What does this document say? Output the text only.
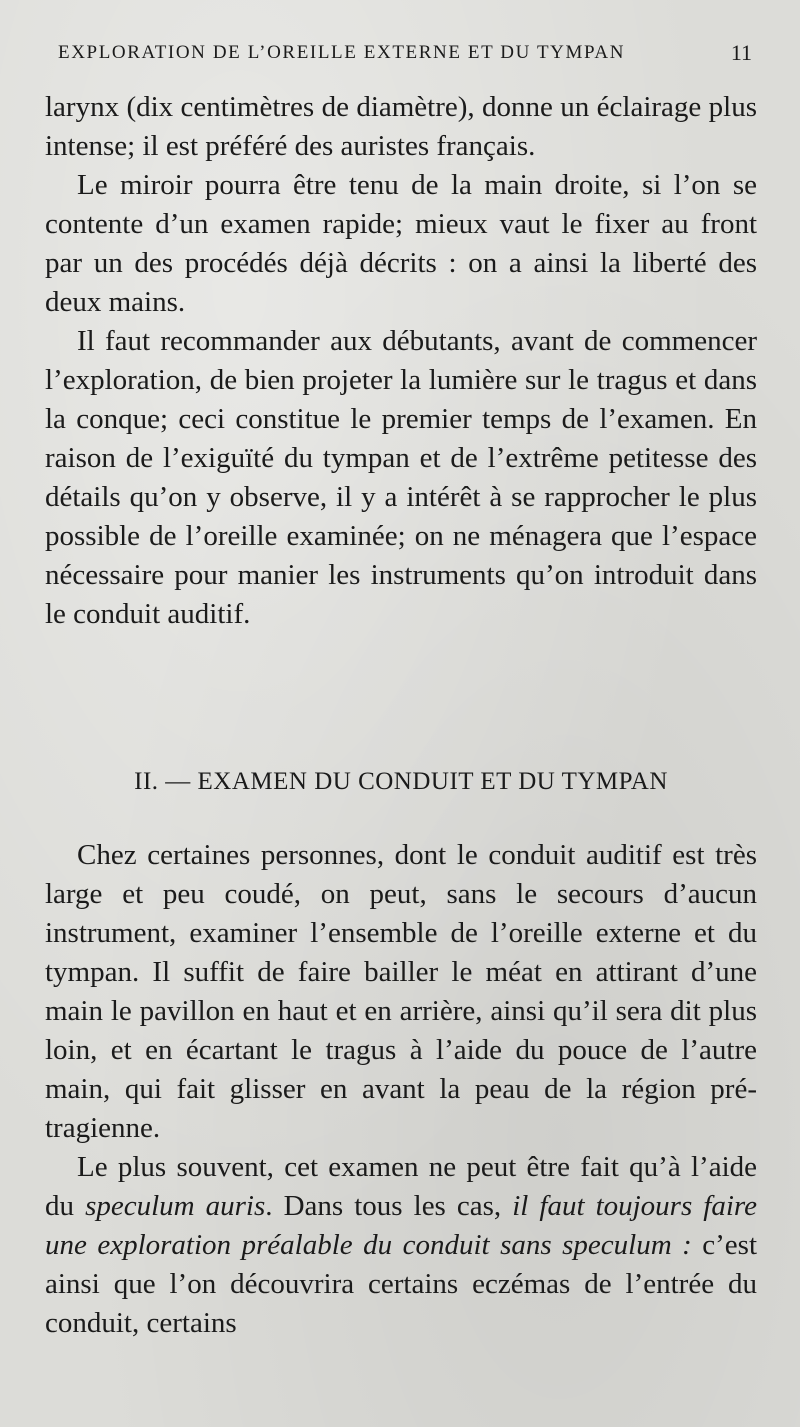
EXPLORATION DE L’OREILLE EXTERNE ET DU TYMPAN	11

larynx (dix centimètres de diamètre), donne un éclairage plus intense; il est préféré des auristes français.

Le miroir pourra être tenu de la main droite, si l’on se contente d’un examen rapide; mieux vaut le fixer au front par un des procédés déjà décrits : on a ainsi la liberté des deux mains.

Il faut recommander aux débutants, avant de commencer l’exploration, de bien projeter la lumière sur le tragus et dans la conque; ceci constitue le premier temps de l’examen. En raison de l’exiguïté du tympan et de l’extrême petitesse des détails qu’on y observe, il y a intérêt à se rapprocher le plus possible de l’oreille examinée; on ne ménagera que l’espace nécessaire pour manier les instruments qu’on introduit dans le conduit auditif.

II. — EXAMEN DU CONDUIT ET DU TYMPAN

Chez certaines personnes, dont le conduit auditif est très large et peu coudé, on peut, sans le secours d’aucun instrument, examiner l’ensemble de l’oreille externe et du tympan. Il suffit de faire bailler le méat en attirant d’une main le pavillon en haut et en arrière, ainsi qu’il sera dit plus loin, et en écartant le tragus à l’aide du pouce de l’autre main, qui fait glisser en avant la peau de la région pré-tragienne.

Le plus souvent, cet examen ne peut être fait qu’à l’aide du speculum auris. Dans tous les cas, il faut toujours faire une exploration préalable du conduit sans speculum : c’est ainsi que l’on découvrira certains eczémas de l’entrée du conduit, certains
